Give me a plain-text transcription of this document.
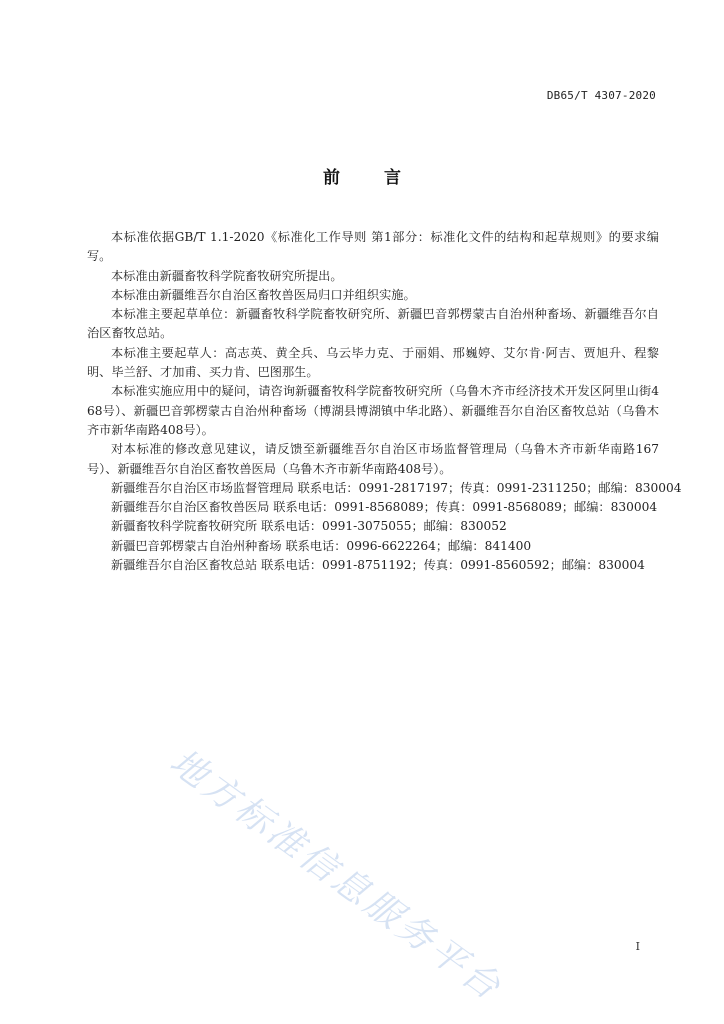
DB65/T 4307-2020
前言

本标准依据GB/T 1.1-2020《标准化工作导则 第1部分：标准化文件的结构和起草规则》的要求编写。

本标准由新疆畜牧科学院畜牧研究所提出。

本标准由新疆维吾尔自治区畜牧兽医局归口并组织实施。

本标准主要起草单位：新疆畜牧科学院畜牧研究所、新疆巴音郭楞蒙古自治州种畜场、新疆维吾尔自治区畜牧总站。

本标准主要起草人：高志英、黄全兵、乌云毕力克、于丽娟、邢巍婷、艾尔肯·阿吉、贾旭升、程黎明、毕兰舒、才加甫、买力肯、巴图那生。

本标准实施应用中的疑问，请咨询新疆畜牧科学院畜牧研究所（乌鲁木齐市经济技术开发区阿里山街468号）、新疆巴音郭楞蒙古自治州种畜场（博湖县博湖镇中华北路）、新疆维吾尔自治区畜牧总站（乌鲁木齐市新华南路408号）。

对本标准的修改意见建议，请反馈至新疆维吾尔自治区市场监督管理局（乌鲁木齐市新华南路167号）、新疆维吾尔自治区畜牧兽医局（乌鲁木齐市新华南路408号）。

新疆维吾尔自治区市场监督管理局 联系电话：0991-2817197；传真：0991-2311250；邮编：830004

新疆维吾尔自治区畜牧兽医局 联系电话：0991-8568089；传真：0991-8568089；邮编：830004

新疆畜牧科学院畜牧研究所 联系电话：0991-3075055；邮编：830052

新疆巴音郭楞蒙古自治州种畜场 联系电话：0996-6622264；邮编：841400

新疆维吾尔自治区畜牧总站 联系电话：0991-8751192；传真：0991-8560592；邮编：830004

地方标准信息服务平台	I
